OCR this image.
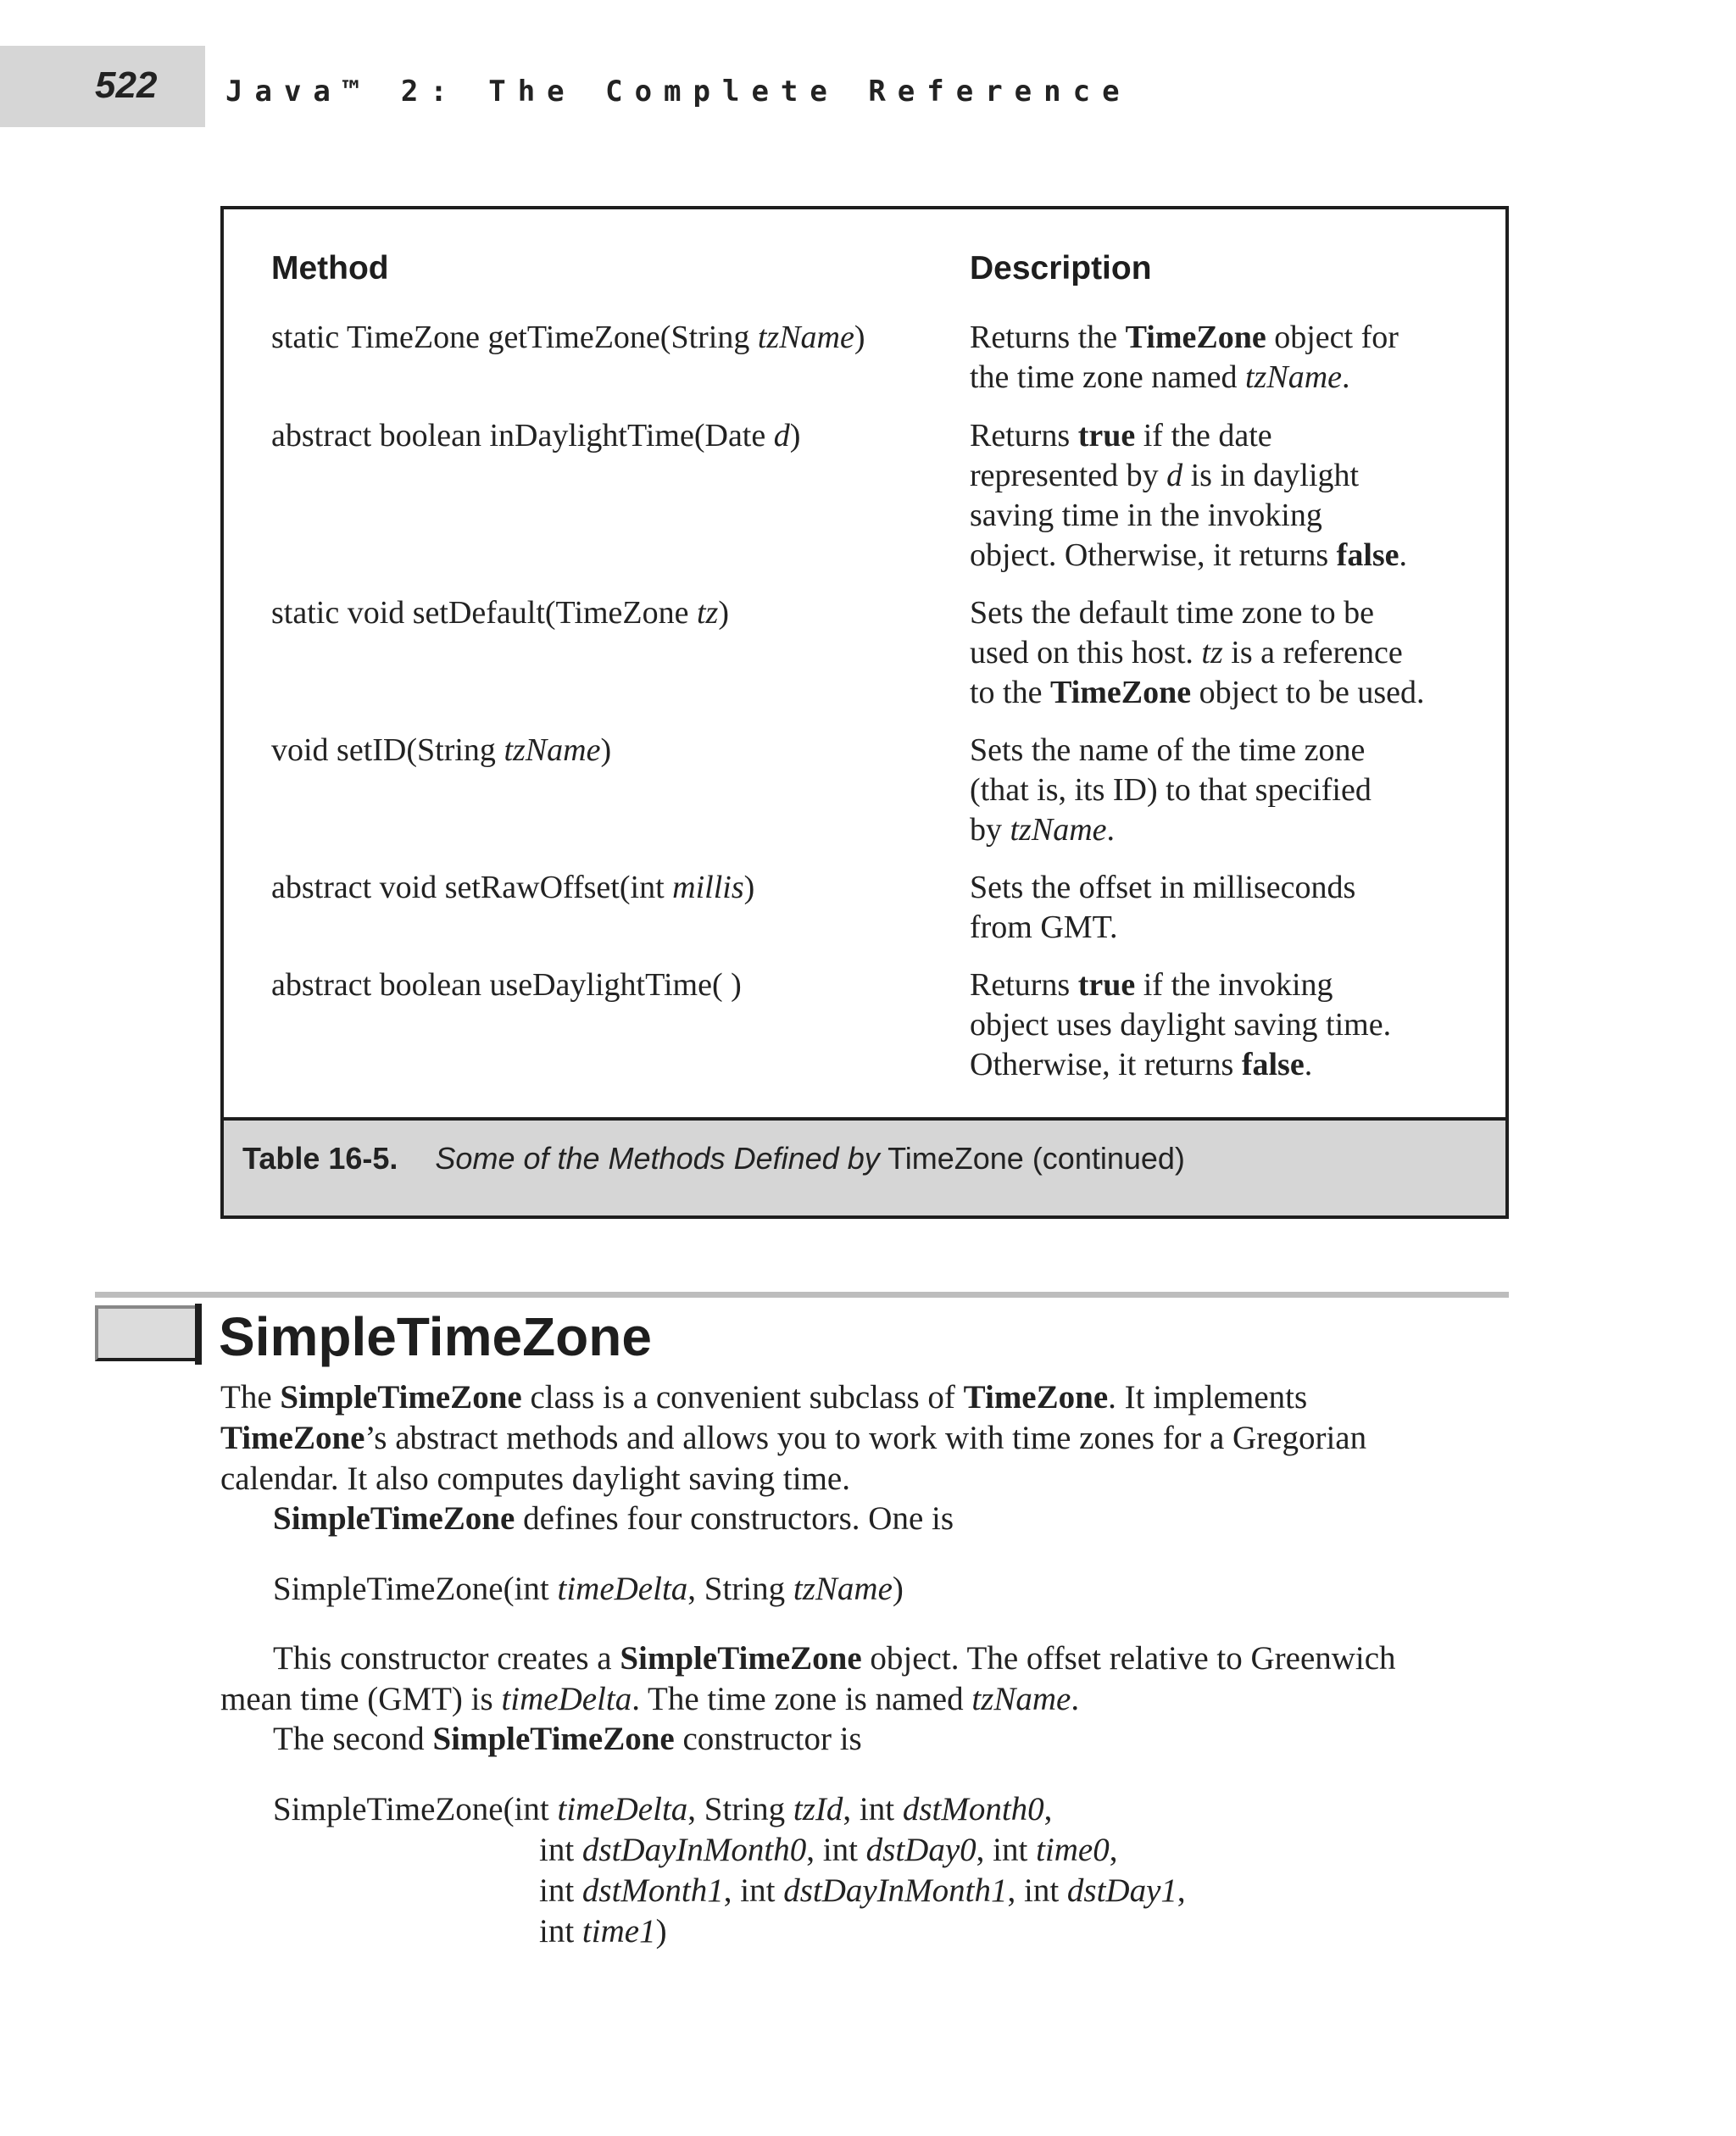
522 Java™ 2: The Complete Reference
Method	Description
static TimeZone getTimeZone(String tzName)	Returns the TimeZone object for
the time zone named tzName.
abstract boolean inDaylightTime(Date d)	Returns true if the date
represented by d is in daylight
saving time in the invoking
object. Otherwise, it returns false.
static void setDefault(TimeZone tz)	Sets the default time zone to be
used on this host. tz is a reference
to the TimeZone object to be used.
void setID(String tzName)	Sets the name of the time zone
(that is, its ID) to that specified
by tzName.
abstract void setRawOffset(int millis)	Sets the offset in milliseconds
from GMT.
abstract boolean useDaylightTime( )	Returns true if the invoking
object uses daylight saving time.
Otherwise, it returns false.
Table 16-5. Some of the Methods Defined by TimeZone (continued)
SimpleTimeZone
The SimpleTimeZone class is a convenient subclass of TimeZone. It implements
TimeZone’s abstract methods and allows you to work with time zones for a Gregorian
calendar. It also computes daylight saving time.
SimpleTimeZone defines four constructors. One is
SimpleTimeZone(int timeDelta, String tzName)
This constructor creates a SimpleTimeZone object. The offset relative to Greenwich
mean time (GMT) is timeDelta. The time zone is named tzName.
The second SimpleTimeZone constructor is
SimpleTimeZone(int timeDelta, String tzId, int dstMonth0,
int dstDayInMonth0, int dstDay0, int time0,
int dstMonth1, int dstDayInMonth1, int dstDay1,
int time1)
